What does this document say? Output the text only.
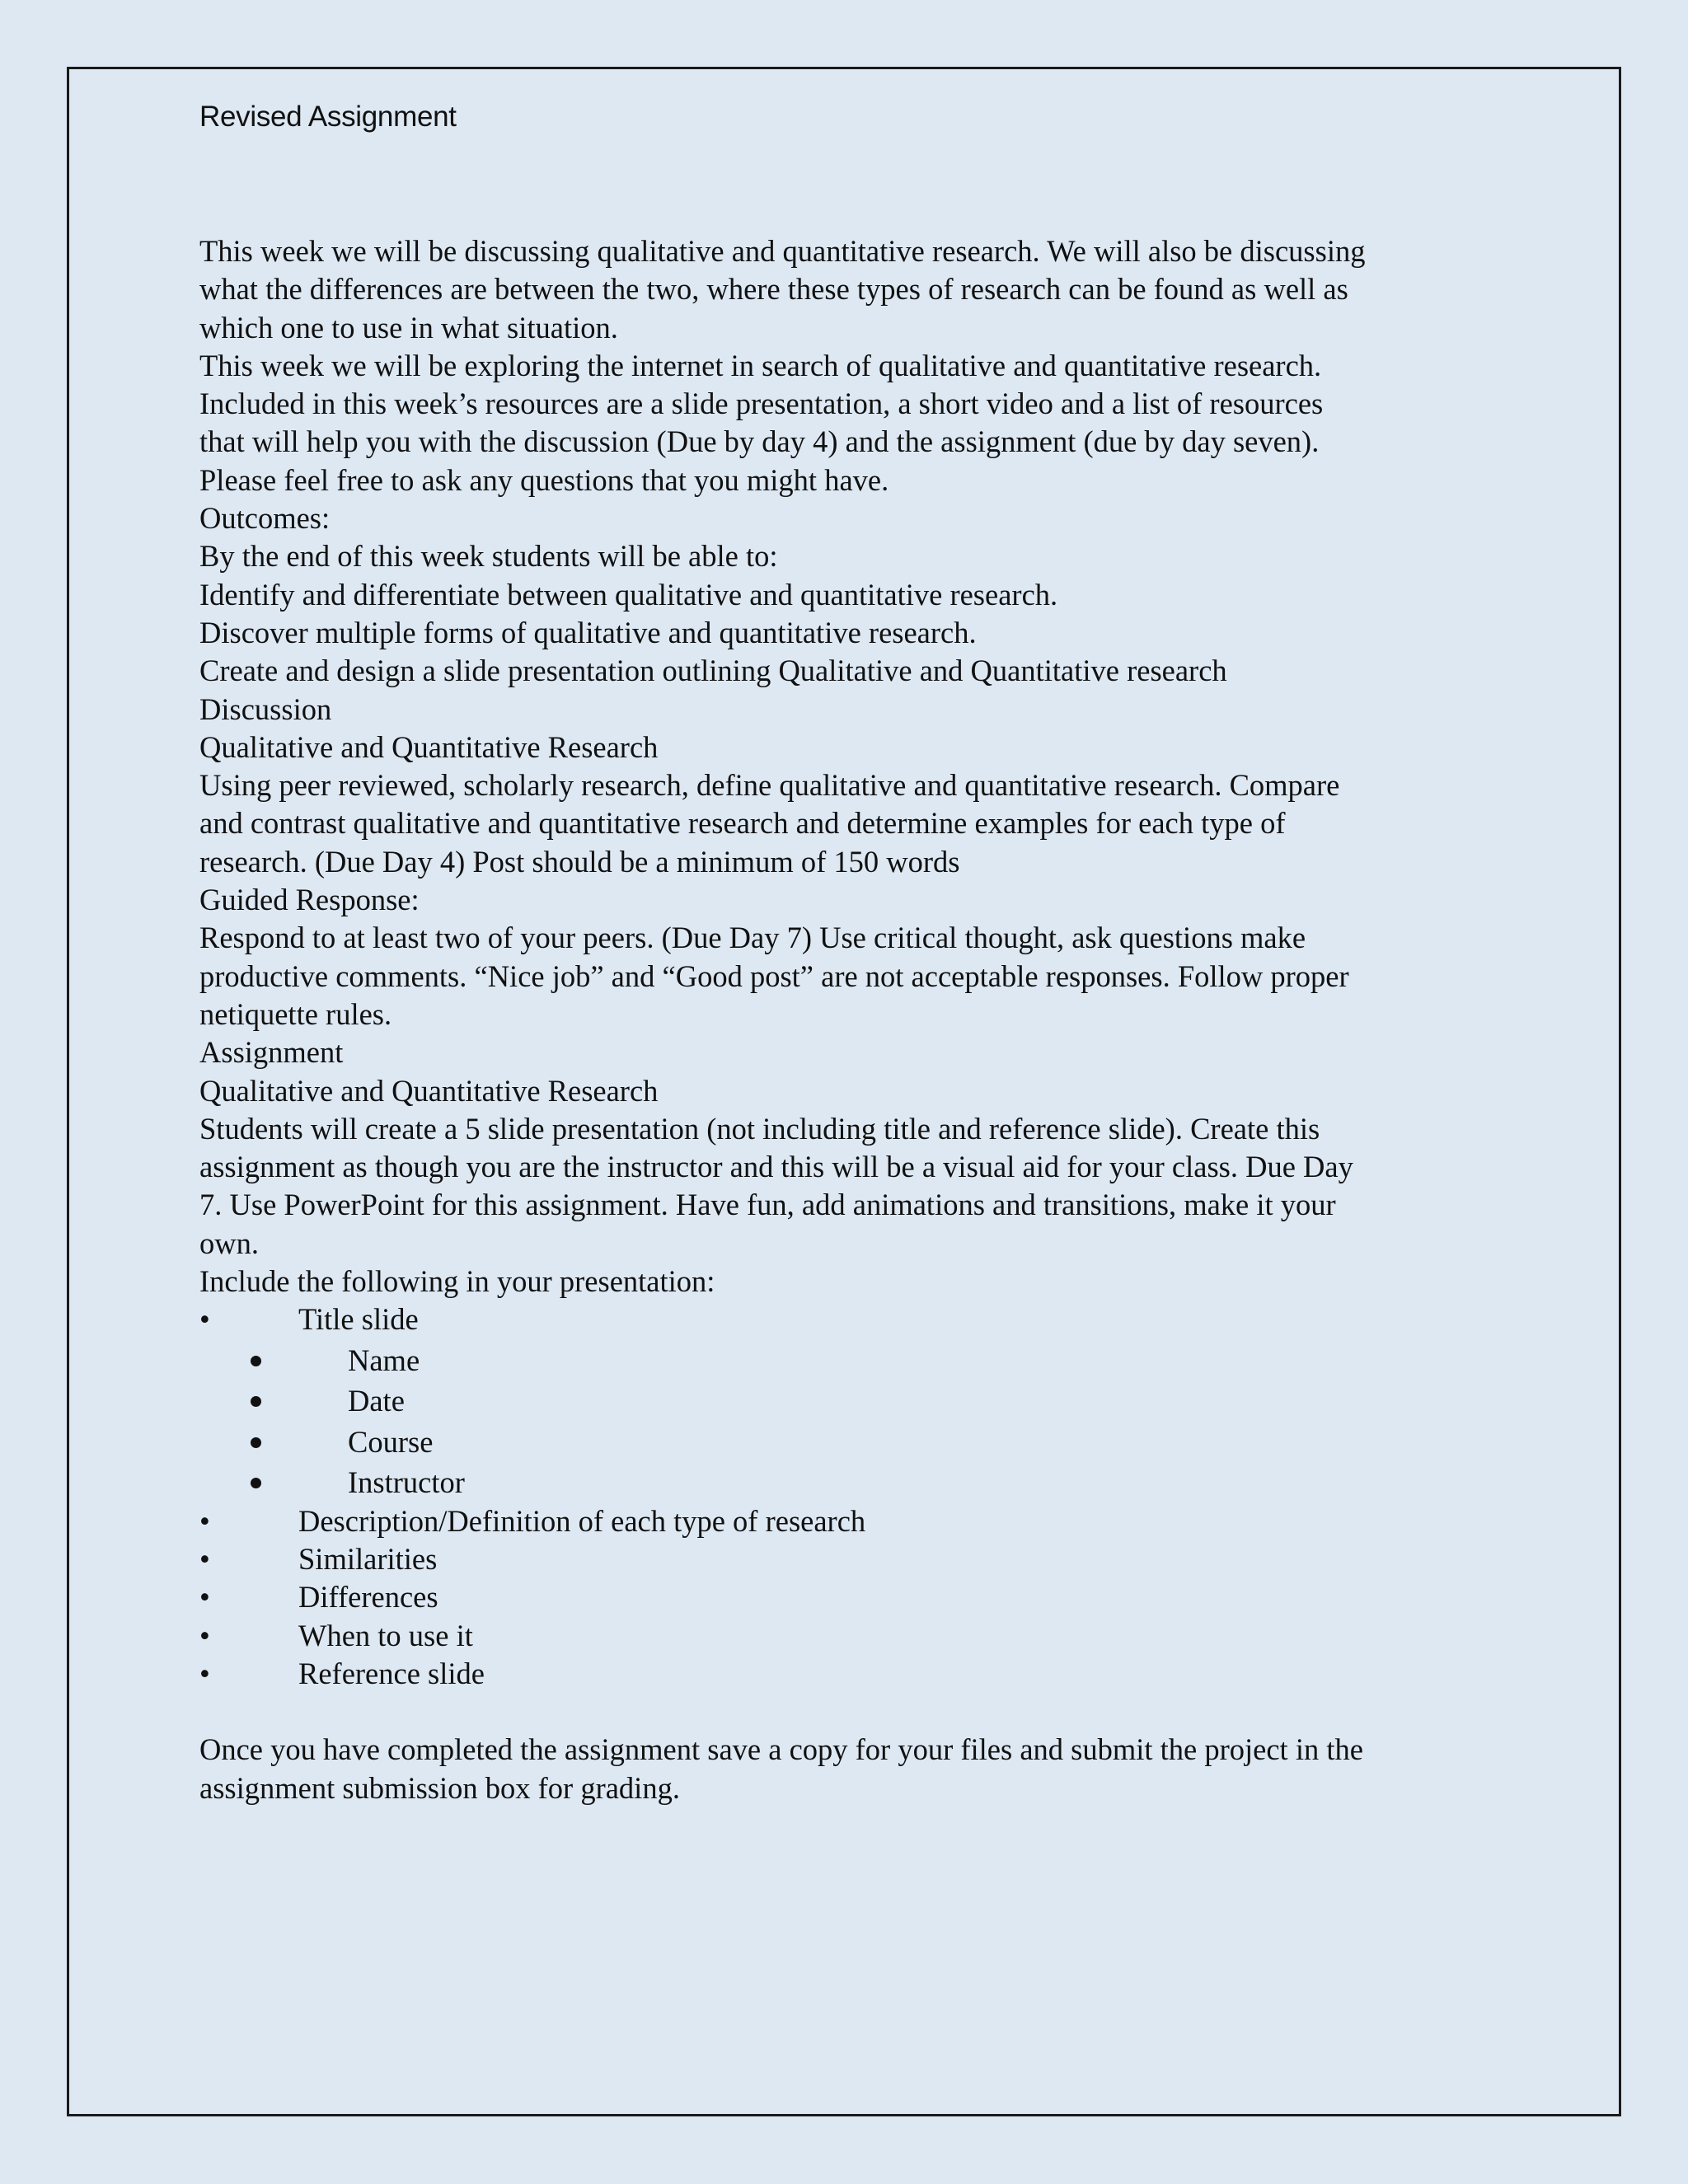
Revised Assignment
This week we will be discussing qualitative and quantitative research. We will also be discussing
what the differences are between the two, where these types of research can be found as well as
which one to use in what situation.
This week we will be exploring the internet in search of qualitative and quantitative research.
Included in this week’s resources are a slide presentation, a short video and a list of resources
that will help you with the discussion (Due by day 4) and the assignment (due by day seven).
Please feel free to ask any questions that you might have.
Outcomes:
By the end of this week students will be able to:
Identify and differentiate between qualitative and quantitative research.
Discover multiple forms of qualitative and quantitative research.
Create and design a slide presentation outlining Qualitative and Quantitative research
Discussion
Qualitative and Quantitative Research
Using peer reviewed, scholarly research, define qualitative and quantitative research. Compare
and contrast qualitative and quantitative research and determine examples for each type of
research. (Due Day 4) Post should be a minimum of 150 words
Guided Response:
Respond to at least two of your peers. (Due Day 7) Use critical thought, ask questions make
productive comments. “Nice job” and “Good post” are not acceptable responses. Follow proper
netiquette rules.
Assignment
Qualitative and Quantitative Research
Students will create a 5 slide presentation (not including title and reference slide). Create this
assignment as though you are the instructor and this will be a visual aid for your class. Due Day
7. Use PowerPoint for this assignment. Have fun, add animations and transitions, make it your
own.
Include the following in your presentation:
•	Title slide
Name
Date
Course
Instructor
•	Description/Definition of each type of research
•	Similarities
•	Differences
•	When to use it
•	Reference slide
Once you have completed the assignment save a copy for your files and submit the project in the
assignment submission box for grading.
